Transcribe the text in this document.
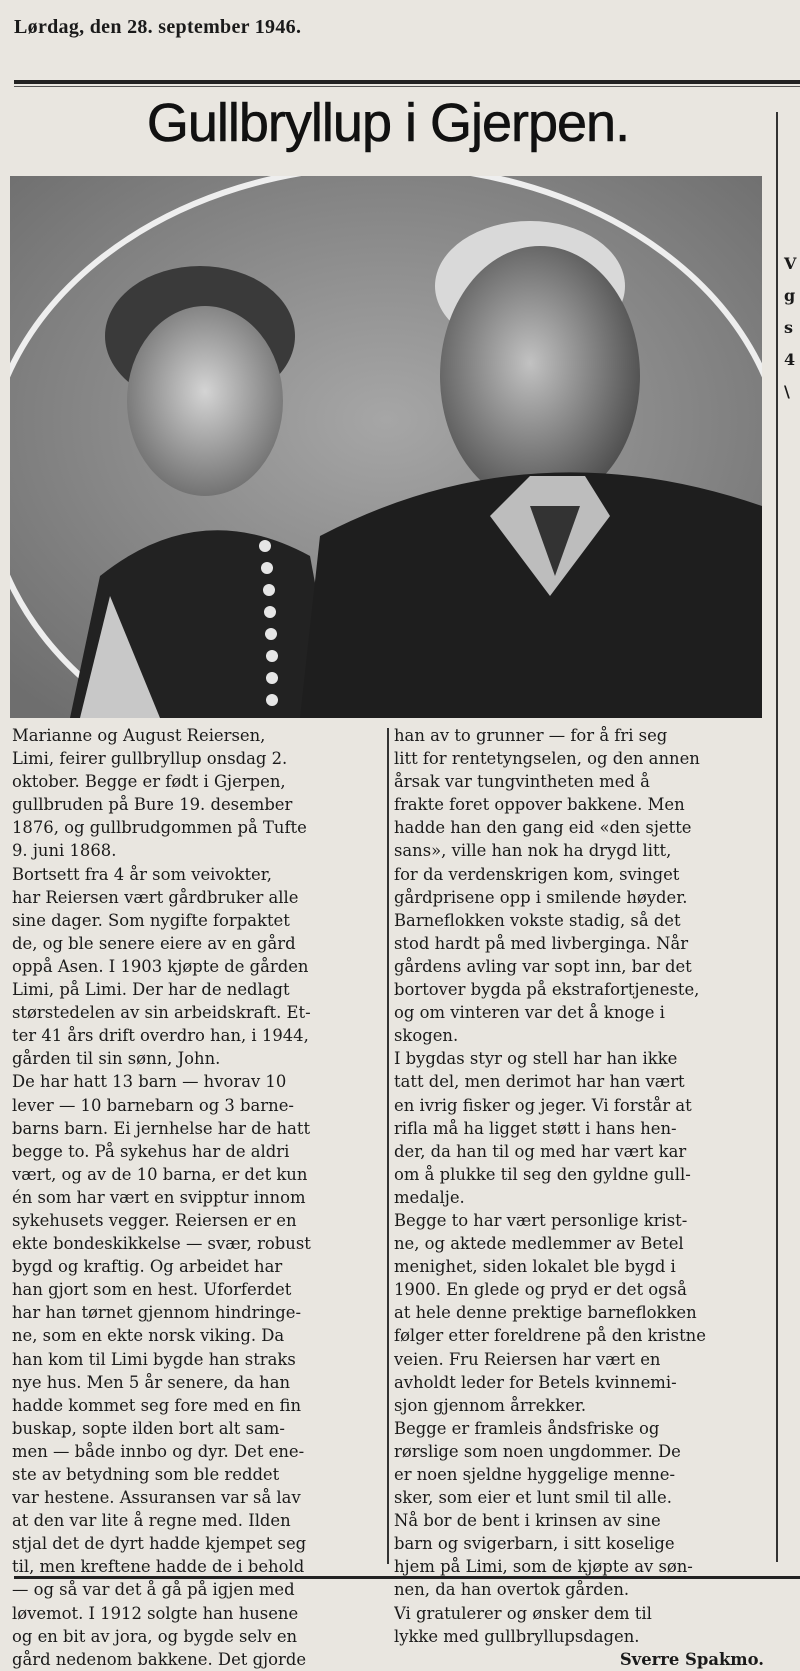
Lørdag, den 28. september 1946.
Gullbryllup i Gjerpen.
Vgs4\
Marianne og August Reiersen,
Limi, feirer gullbryllup onsdag 2.
oktober. Begge er født i Gjerpen,
gullbruden på Bure 19. desember
1876, og gullbrudgommen på Tufte
9. juni 1868.
Bortsett fra 4 år som veivokter,
har Reiersen vært gårdbruker alle
sine dager. Som nygifte forpaktet
de, og ble senere eiere av en gård
oppå Asen. I 1903 kjøpte de gården
Limi, på Limi. Der har de nedlagt
størstedelen av sin arbeidskraft. Et-
ter 41 års drift overdro han, i 1944,
gården til sin sønn, John.
De har hatt 13 barn — hvorav 10
lever — 10 barnebarn og 3 barne-
barns barn. Ei jernhelse har de hatt
begge to. På sykehus har de aldri
vært, og av de 10 barna, er det kun
én som har vært en svipptur innom
sykehusets vegger. Reiersen er en
ekte bondeskikkelse — svær, robust
bygd og kraftig. Og arbeidet har
han gjort som en hest. Uforferdet
har han tørnet gjennom hindringe-
ne, som en ekte norsk viking. Da
han kom til Limi bygde han straks
nye hus. Men 5 år senere, da han
hadde kommet seg fore med en fin
buskap, sopte ilden bort alt sam-
men — både innbo og dyr. Det ene-
ste av betydning som ble reddet
var hestene. Assuransen var så lav
at den var lite å regne med. Ilden
stjal det de dyrt hadde kjempet seg
til, men kreftene hadde de i behold
— og så var det å gå på igjen med
løvemot. I 1912 solgte han husene
og en bit av jora, og bygde selv en
gård nedenom bakkene. Det gjorde
han av to grunner — for å fri seg
litt for rentetyngselen, og den annen
årsak var tungvintheten med å
frakte foret oppover bakkene. Men
hadde han den gang eid «den sjette
sans», ville han nok ha drygd litt,
for da verdenskrigen kom, svinget
gårdprisene opp i smilende høyder.
Barneflokken vokste stadig, så det
stod hardt på med livberginga. Når
gårdens avling var sopt inn, bar det
bortover bygda på ekstrafortjeneste,
og om vinteren var det å knoge i
skogen.
I bygdas styr og stell har han ikke
tatt del, men derimot har han vært
en ivrig fisker og jeger. Vi forstår at
rifla må ha ligget støtt i hans hen-
der, da han til og med har vært kar
om å plukke til seg den gyldne gull-
medalje.
Begge to har vært personlige krist-
ne, og aktede medlemmer av Betel
menighet, siden lokalet ble bygd i
1900. En glede og pryd er det også
at hele denne prektige barneflokken
følger etter foreldrene på den kristne
veien. Fru Reiersen har vært en
avholdt leder for Betels kvinnemi-
sjon gjennom årrekker.
Begge er framleis åndsfriske og
rørslige som noen ungdommer. De
er noen sjeldne hyggelige menne-
sker, som eier et lunt smil til alle.
Nå bor de bent i krinsen av sine
barn og svigerbarn, i sitt koselige
hjem på Limi, som de kjøpte av søn-
nen, da han overtok gården.
Vi gratulerer og ønsker dem til
lykke med gullbryllupsdagen.
Sverre Spakmo.
